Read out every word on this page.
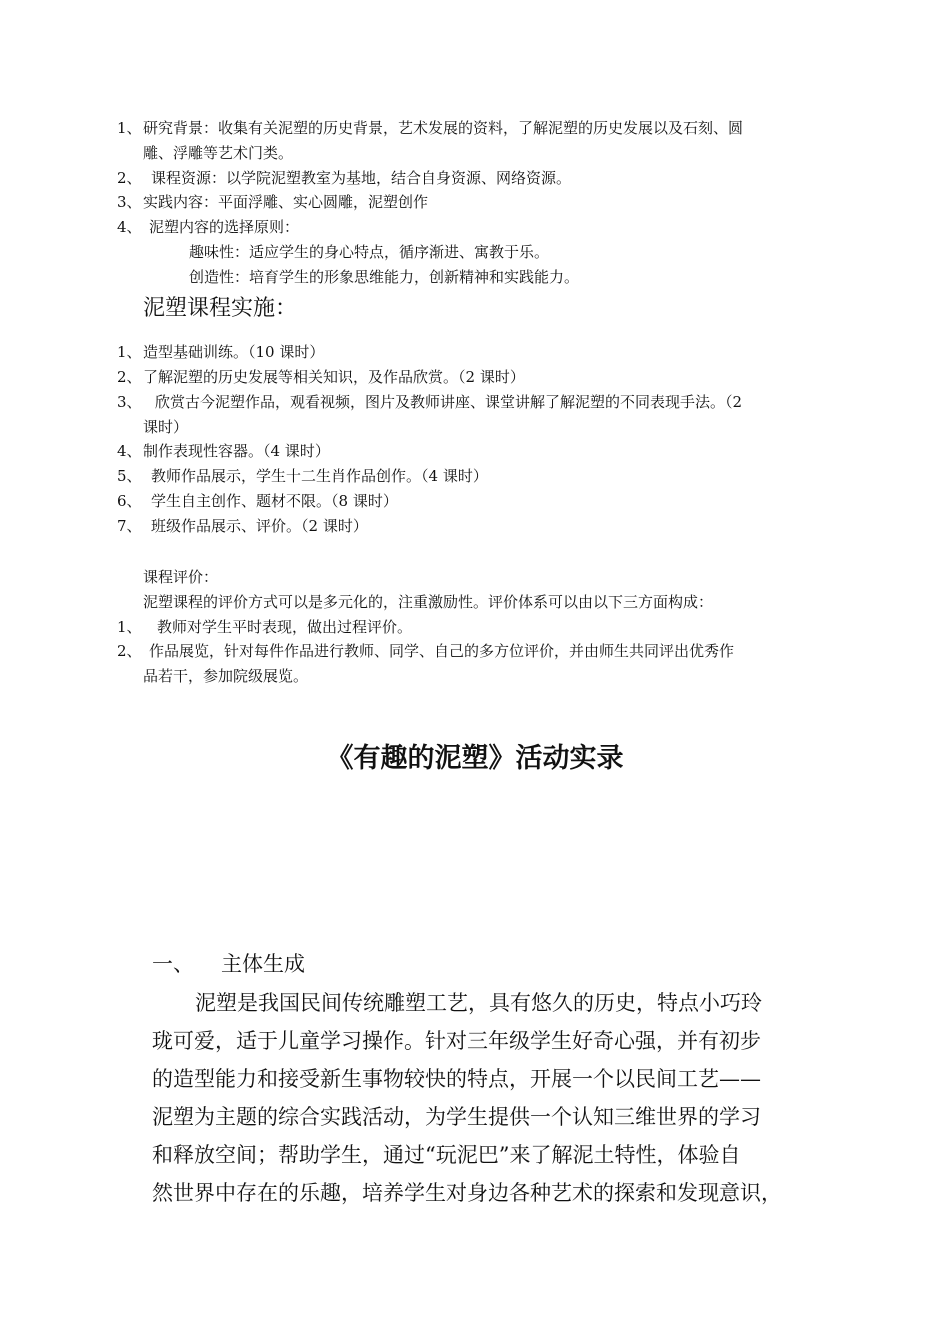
1、 研究背景：收集有关泥塑的历史背景，艺术发展的资料，了解泥塑的历史发展以及石刻、圆
雕、浮雕等艺术门类。
2、 课程资源：以学院泥塑教室为基地，结合自身资源、网络资源。
3、 实践内容：平面浮雕、实心圆雕，泥塑创作
4、 泥塑内容的选择原则：
趣味性：适应学生的身心特点，循序渐进、寓教于乐。
创造性：培育学生的形象思维能力，创新精神和实践能力。
泥塑课程实施：
1、 造型基础训练。（10 课时）
2、 了解泥塑的历史发展等相关知识，及作品欣赏。（2 课时）
3、 欣赏古今泥塑作品，观看视频，图片及教师讲座、课堂讲解了解泥塑的不同表现手法。（2
课时）
4、 制作表现性容器。（4 课时）
5、 教师作品展示，学生十二生肖作品创作。（4 课时）
6、 学生自主创作、题材不限。（8 课时）
7、 班级作品展示、评价。（2 课时）
课程评价：
泥塑课程的评价方式可以是多元化的，注重激励性。评价体系可以由以下三方面构成：
1、 教师对学生平时表现，做出过程评价。
2、 作品展览，针对每件作品进行教师、同学、自己的多方位评价，并由师生共同评出优秀作
品若干，参加院级展览。
《有趣的泥塑》活动实录
一、 主体生成
泥塑是我国民间传统雕塑工艺，具有悠久的历史，特点小巧玲
珑可爱，适于儿童学习操作。针对三年级学生好奇心强，并有初步
的造型能力和接受新生事物较快的特点，开展一个以民间工艺——
泥塑为主题的综合实践活动，为学生提供一个认知三维世界的学习
和释放空间；帮助学生，通过“玩泥巴”来了解泥土特性，体验自
然世界中存在的乐趣，培养学生对身边各种艺术的探索和发现意识，
